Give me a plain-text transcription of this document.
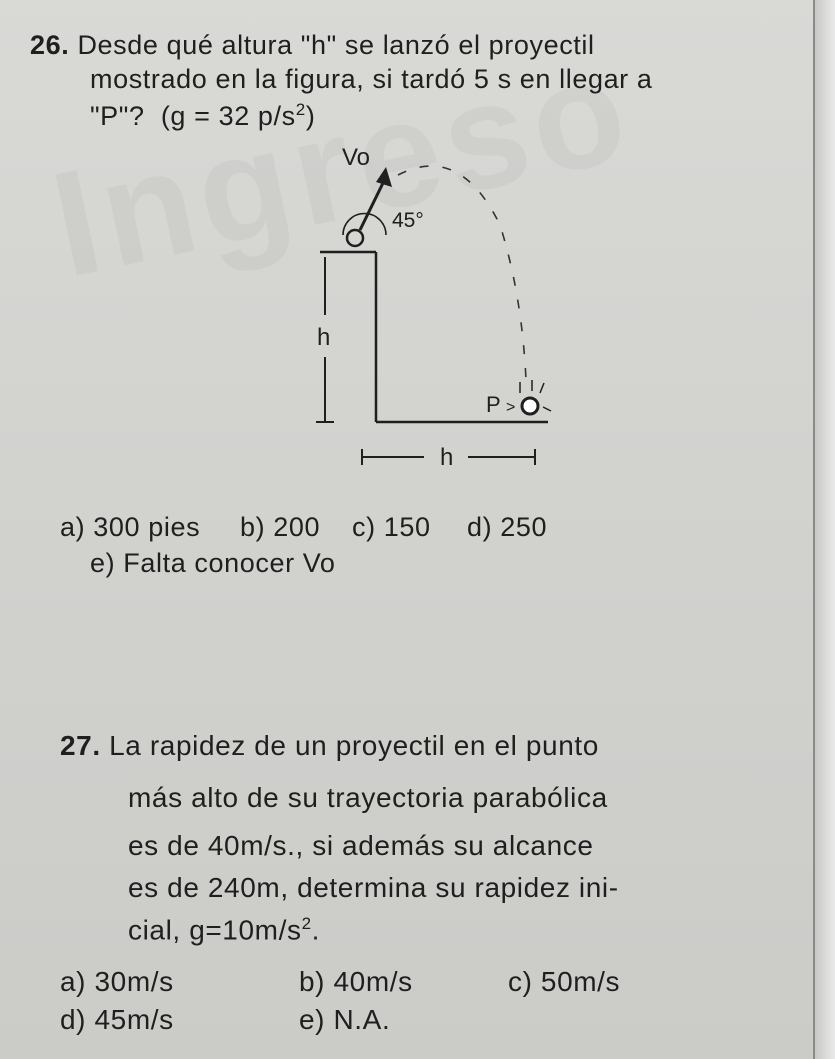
26. Desde qué altura "h" se lanzó el proyectil
mostrado en la figura, si tardó 5 s en llegar a
"P"? (g = 32 $p/s^2$)
h
h
Vo
45°
P >
a) 300 pies b) 200 c) 150 d) 250
e) Falta conocer Vo
27. La rapidez de un proyectil en el punto
más alto de su trayectoria parabólica
es de 40m/s., si además su alcance
es de 240m, determina su rapidez ini-
cial, $g=10m/s^2$.
a) 30m/s	b) 40m/s	c) 50m/s
d) 45m/s	e) N.A.
